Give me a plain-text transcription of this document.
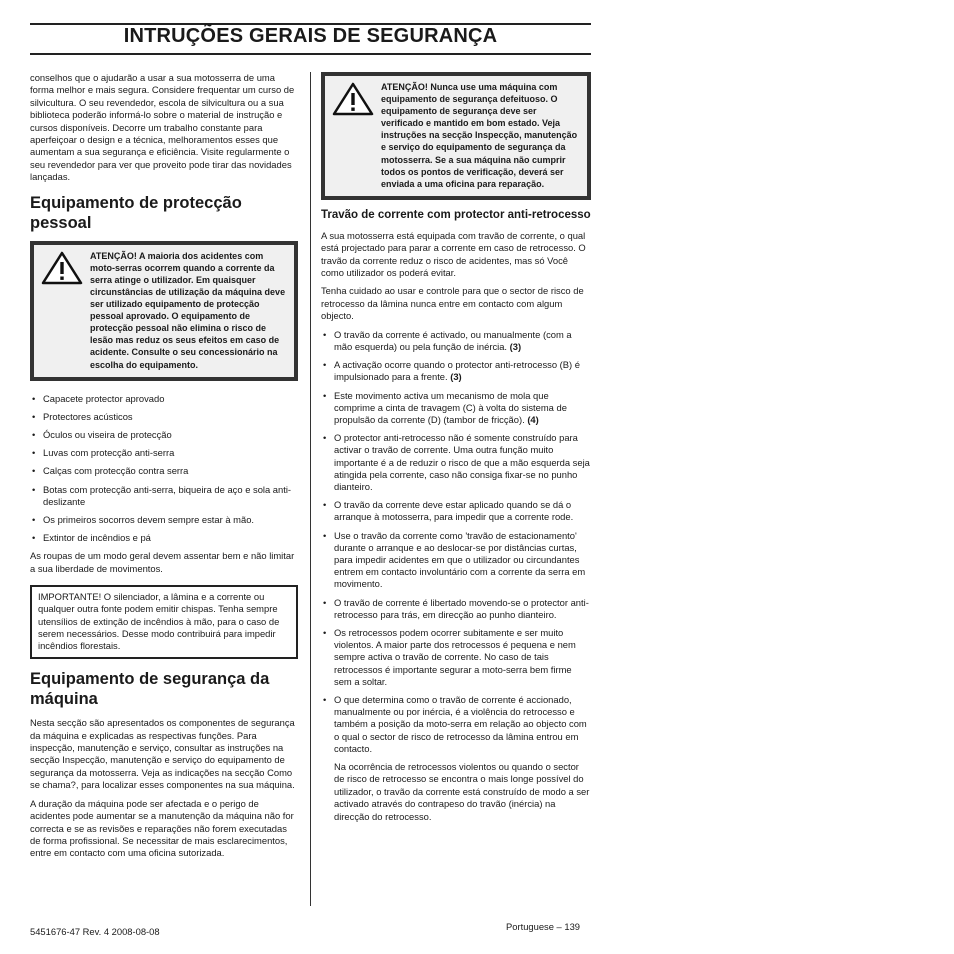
INTRUÇÕES GERAIS DE SEGURANÇA

conselhos que o ajudarão a usar a sua motosserra de uma forma melhor e mais segura. Considere frequentar um curso de silvicultura. O seu revendedor, escola de silvicultura ou a sua biblioteca poderão informá-lo sobre o material de instrução e cursos disponíveis. Decorre um trabalho constante para aperfeiçoar o design e a técnica, melhoramentos esses que aumentam a sua segurança e eficiência. Visite regularmente o seu revendedor para ver que proveito pode tirar das novidades lançadas.

Equipamento de protecção pessoal
ATENÇÃO! A maioria dos acidentes com moto-serras ocorrem quando a corrente da serra atinge o utilizador. Em quaisquer circunstâncias de utilização da máquina deve ser utilizado equipamento de protecção pessoal aprovado. O equipamento de protecção pessoal não elimina o risco de lesão mas reduz os seus efeitos em caso de acidente. Consulte o seu concessionário na escolha do equipamento.
• Capacete protector aprovado
• Protectores acústicos
• Óculos ou viseira de protecção
• Luvas com protecção anti-serra
• Calças com protecção contra serra
• Botas com protecção anti-serra, biqueira de aço e sola anti-deslizante
• Os primeiros socorros devem sempre estar à mão.
• Extintor de incêndios e pá

As roupas de um modo geral devem assentar bem e não limitar a sua liberdade de movimentos.

IMPORTANTE! O silenciador, a lâmina e a corrente ou qualquer outra fonte podem emitir chispas. Tenha sempre utensílios de extinção de incêndios à mão, para o caso de serem necessários. Desse modo contribuirá para impedir incêndios florestais.

Equipamento de segurança da máquina

Nesta secção são apresentados os componentes de segurança da máquina e explicadas as respectivas funções. Para inspecção, manutenção e serviço, consultar as instruções na secção Inspecção, manutenção e serviço do equipamento de segurança da motosserra. Veja as indicações na secção Como se chama?, para localizar esses componentes na sua máquina.

A duração da máquina pode ser afectada e o perigo de acidentes pode aumentar se a manutenção da máquina não for correcta e se as revisões e reparações não forem executadas de forma profissional. Se necessitar de mais esclarecimentos, entre em contacto com uma oficina sutorizada.

ATENÇÃO! Nunca use uma máquina com equipamento de segurança defeituoso. O equipamento de segurança deve ser verificado e mantido em bom estado. Veja instruções na secção Inspecção, manutenção e serviço do equipamento de segurança da motosserra. Se a sua máquina não cumprir todos os pontos de verificação, deverá ser enviada a uma oficina para reparação.
Travão de corrente com protector anti-retrocesso

A sua motosserra está equipada com travão de corrente, o qual está projectado para parar a corrente em caso de retrocesso. O travão da corrente reduz o risco de acidentes, mas só Você como utilizador os poderá evitar.

Tenha cuidado ao usar e controle para que o sector de risco de retrocesso da lâmina nunca entre em contacto com algum objecto.

• O travão da corrente é activado, ou manualmente (com a mão esquerda) ou pela função de inércia. (3)
• A activação ocorre quando o protector anti-retrocesso (B) é impulsionado para a frente. (3)
• Este movimento activa um mecanismo de mola que comprime a cinta de travagem (C) à volta do sistema de propulsão da corrente (D) (tambor de fricção). (4)
• O protector anti-retrocesso não é somente construído para activar o travão de corrente. Uma outra função muito importante é a de reduzir o risco de que a mão esquerda seja atingida pela corrente, caso não consiga fixar-se no punho dianteiro.
• O travão da corrente deve estar aplicado quando se dá o arranque à motosserra, para impedir que a corrente rode.
• Use o travão da corrente como 'travão de estacionamento' durante o arranque e ao deslocar-se por distâncias curtas, para impedir acidentes em que o utilizador ou circundantes entrem em contacto involuntário com a corrente da serra em movimento.
• O travão de corrente é libertado movendo-se o protector anti-retrocesso para trás, em direcção ao punho dianteiro.
• Os retrocessos podem ocorrer subitamente e ser muito violentos. A maior parte dos retrocessos é pequena e nem sempre activa o travão de corrente. No caso de tais retrocessos é importante segurar a moto-serra bem firme sem a soltar.
• O que determina como o travão de corrente é accionado, manualmente ou por inércia, é a violência do retrocesso e também a posição da moto-serra em relação ao objecto com o qual o sector de risco de retrocesso da lâmina entrou em contacto.

Na ocorrência de retrocessos violentos ou quando o sector de risco de retrocesso se encontra o mais longe possível do utilizador, o travão da corrente está construído de modo a ser activado através do contrapeso do travão (inércia) na direcção do retrocesso.

5451676-47 Rev. 4 2008-08-08	Portuguese – 139
